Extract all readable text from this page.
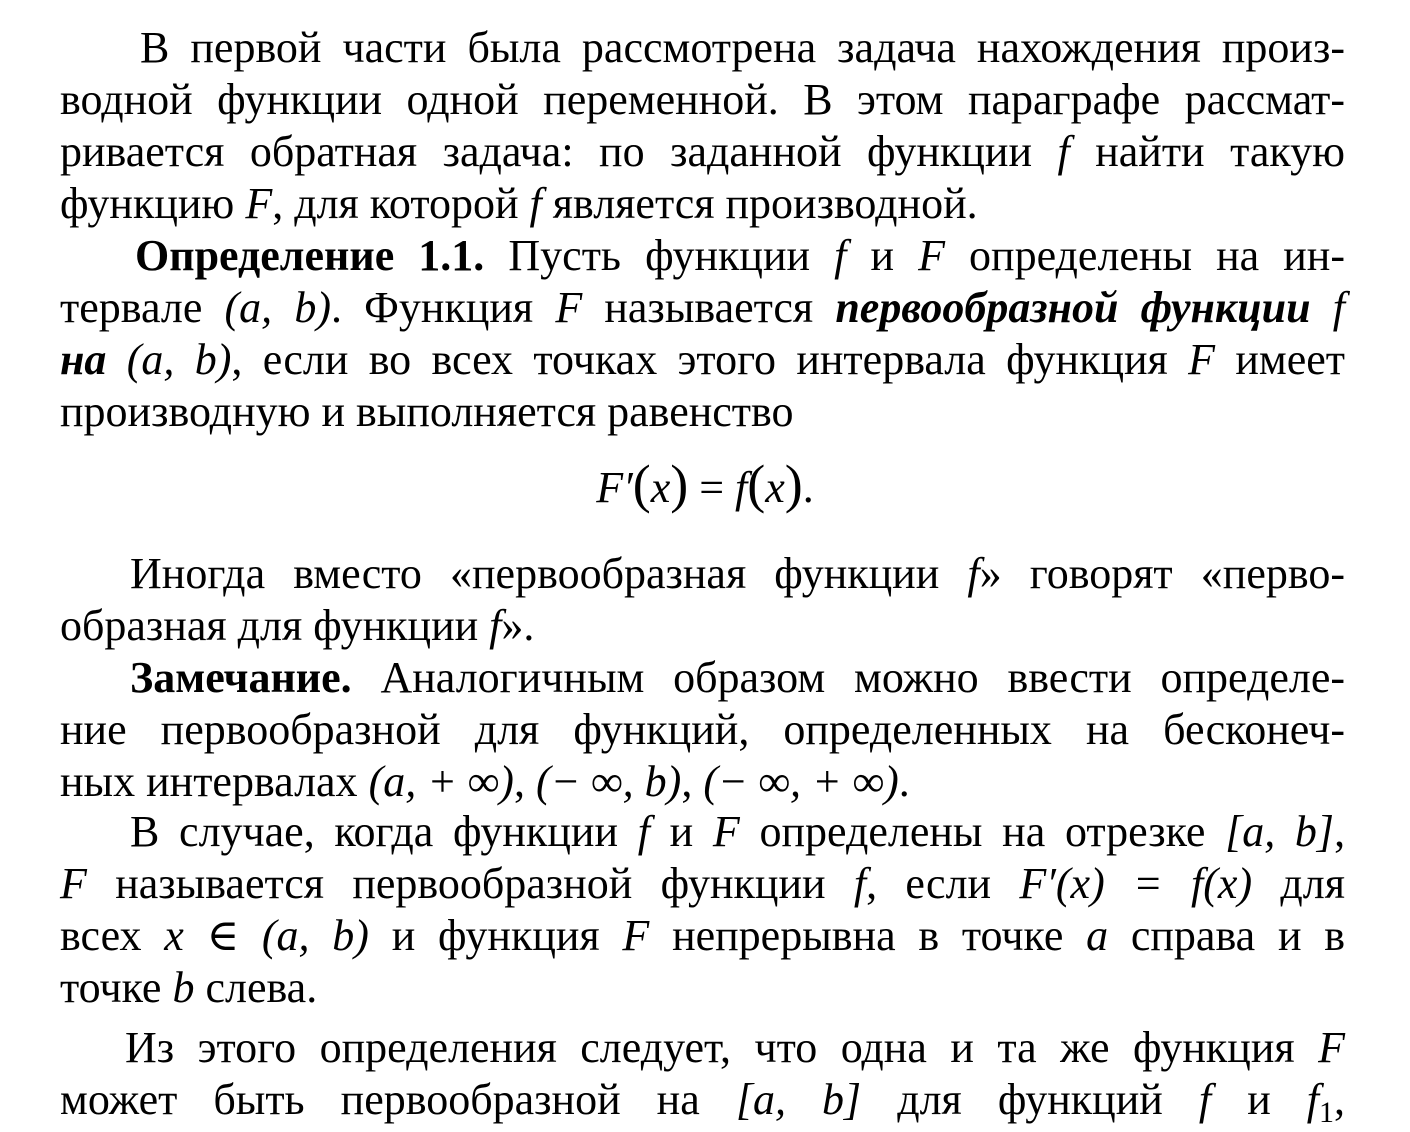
В первой части была рассмотрена задача нахождения произ-
водной функции одной переменной. В этом параграфе рассмат-
ривается обратная задача: по заданной функции f найти такую
функцию F, для которой f является производной.
Определение 1.1. Пусть функции f и F определены на ин-
тервале (a, b). Функция F называется первообразной функции f
на (a, b), если во всех точках этого интервала функция F имеет
производную и выполняется равенство
F′(x) = f(x).
Иногда вместо «первообразная функции f» говорят «перво-
образная для функции f».
Замечание. Аналогичным образом можно ввести определе-
ние первообразной для функций, определенных на бесконеч-
ных интервалах (a, + ∞), (− ∞, b), (− ∞, + ∞).
В случае, когда функции f и F определены на отрезке [a, b],
F называется первообразной функции f, если F′(x) = f(x) для
всех x ∈ (a, b) и функция F непрерывна в точке a справа и в
точке b слева.
Из этого определения следует, что одна и та же функция F
может быть первообразной на [a, b] для функций f и $f_1$,
